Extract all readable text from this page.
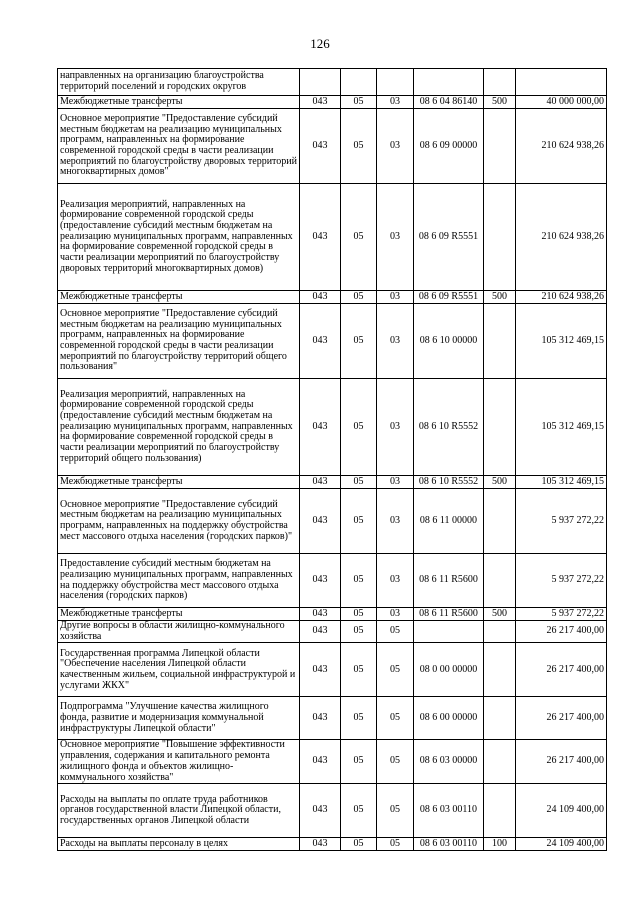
126
направленных на организацию благоустройства территорий поселений и городских округов						
Межбюджетные трансферты	043	05	03	08 6 04 86140	500	40 000 000,00
Основное мероприятие "Предоставление субсидий местным бюджетам на реализацию муниципальных программ, направленных на формирование современной городской среды в части реализации мероприятий по благоустройству дворовых территорий многоквартирных домов"	043	05	03	08 6 09 00000		210 624 938,26
Реализация мероприятий, направленных на формирование современной городской среды (предоставление субсидий местным бюджетам на реализацию муниципальных программ, направленных на формирование современной городской среды в части реализации мероприятий по благоустройству дворовых территорий многоквартирных домов)	043	05	03	08 6 09 R5551		210 624 938,26
Межбюджетные трансферты	043	05	03	08 6 09 R5551	500	210 624 938,26
Основное мероприятие "Предоставление субсидий местным бюджетам на реализацию муниципальных программ, направленных на формирование современной городской среды в части реализации мероприятий по благоустройству территорий общего пользования"	043	05	03	08 6 10 00000		105 312 469,15
Реализация мероприятий, направленных на формирование современной городской среды (предоставление субсидий местным бюджетам на реализацию муниципальных программ, направленных на формирование современной городской среды в части реализации мероприятий по благоустройству территорий общего пользования)	043	05	03	08 6 10 R5552		105 312 469,15
Межбюджетные трансферты	043	05	03	08 6 10 R5552	500	105 312 469,15
Основное мероприятие "Предоставление субсидий местным бюджетам на реализацию муниципальных программ, направленных на поддержку обустройства мест массового отдыха населения (городских парков)"	043	05	03	08 6 11 00000		5 937 272,22
Предоставление субсидий местным бюджетам на реализацию муниципальных программ, направленных на поддержку обустройства мест массового отдыха населения (городских парков)	043	05	03	08 6 11 R5600		5 937 272,22
Межбюджетные трансферты	043	05	03	08 6 11 R5600	500	5 937 272,22
Другие вопросы в области жилищно-коммунального хозяйства	043	05	05			26 217 400,00
Государственная программа Липецкой области "Обеспечение населения Липецкой области качественным жильем, социальной инфраструктурой и услугами ЖКХ"	043	05	05	08 0 00 00000		26 217 400,00
Подпрограмма "Улучшение качества жилищного фонда, развитие и модернизация коммунальной инфраструктуры Липецкой области"	043	05	05	08 6 00 00000		26 217 400,00
Основное мероприятие "Повышение эффективности управления, содержания и капитального ремонта жилищного фонда и объектов жилищно-коммунального хозяйства"	043	05	05	08 6 03 00000		26 217 400,00
Расходы на выплаты по оплате труда работников органов государственной власти Липецкой области, государственных органов Липецкой области	043	05	05	08 6 03 00110		24 109 400,00
Расходы на выплаты персоналу в целях	043	05	05	08 6 03 00110	100	24 109 400,00
